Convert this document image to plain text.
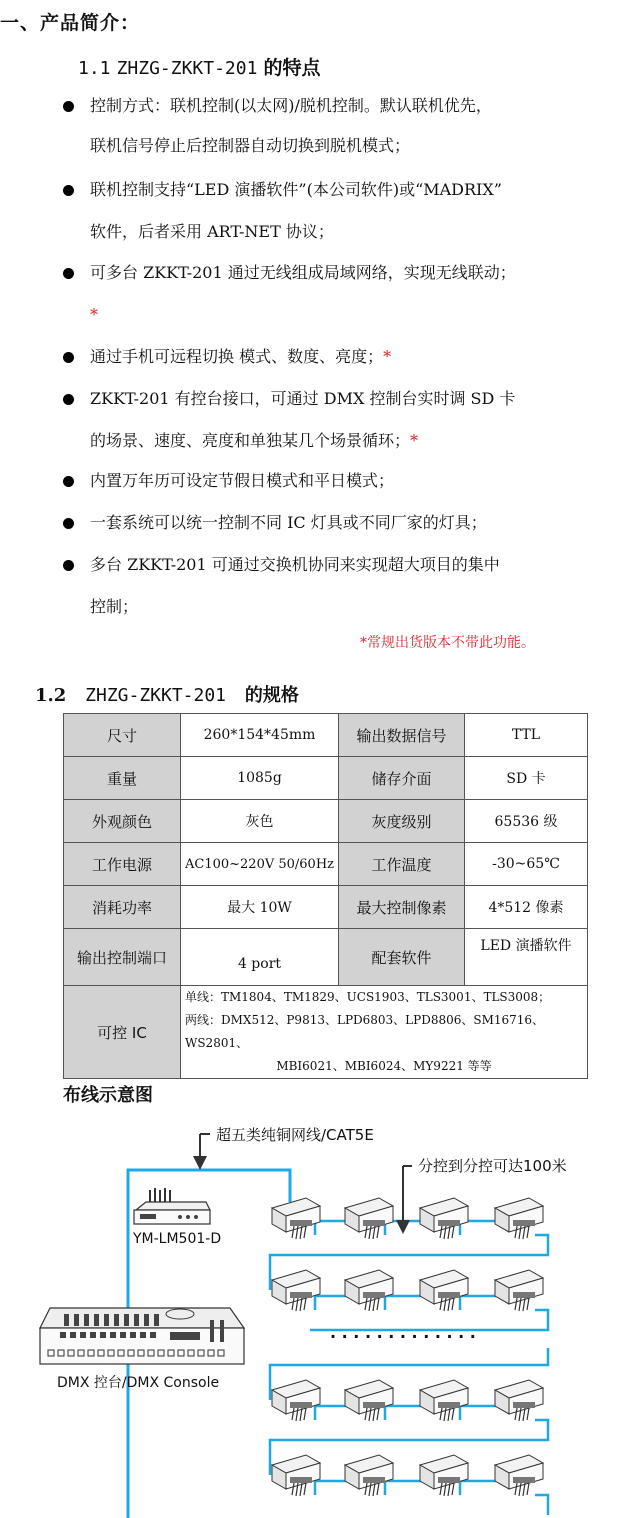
一、产品简介：
1.1 ZHZG-ZKKT-201 的特点
控制方式：联机控制(以太网)/脱机控制。默认联机优先，
联机信号停止后控制器自动切换到脱机模式；
联机控制支持“LED 演播软件”(本公司软件)或“MADRIX”
软件，后者采用 ART-NET 协议；
可多台 ZKKT-201 通过无线组成局域网络，实现无线联动；
*
通过手机可远程切换 模式、数度、亮度；*
ZKKT-201 有控台接口，可通过 DMX 控制台实时调 SD 卡
的场景、速度、亮度和单独某几个场景循环；*
内置万年历可设定节假日模式和平日模式；
一套系统可以统一控制不同 IC 灯具或不同厂家的灯具；
多台 ZKKT-201 可通过交换机协同来实现超大项目的集中
控制；
*常规出货版本不带此功能。
1.2 ZHZG-ZKKT-201 的规格
尺寸	260*154*45mm	输出数据信号	TTL
重量	1085g	储存介面	SD 卡
外观颜色	灰色	灰度级别	65536 级
工作电源	AC100~220V 50/60Hz	工作温度	-30~65℃
消耗功率	最大 10W	最大控制像素	4*512 像素
输出控制端口	4 port	配套软件	LED 演播软件
可控 IC	单线：TM1804、TM1829、UCS1903、TLS3001、TLS3008；
两线：DMX512、P9813、LPD6803、LPD8806、SM16716、WS2801、
MBI6021、MBI6024、MY9221 等等		
布线示意图
超五类纯铜网线/CAT5E
分控到分控可达100米
YM-LM501-D
DMX 控台/DMX Console
· · · · · · · · · · · · ·
